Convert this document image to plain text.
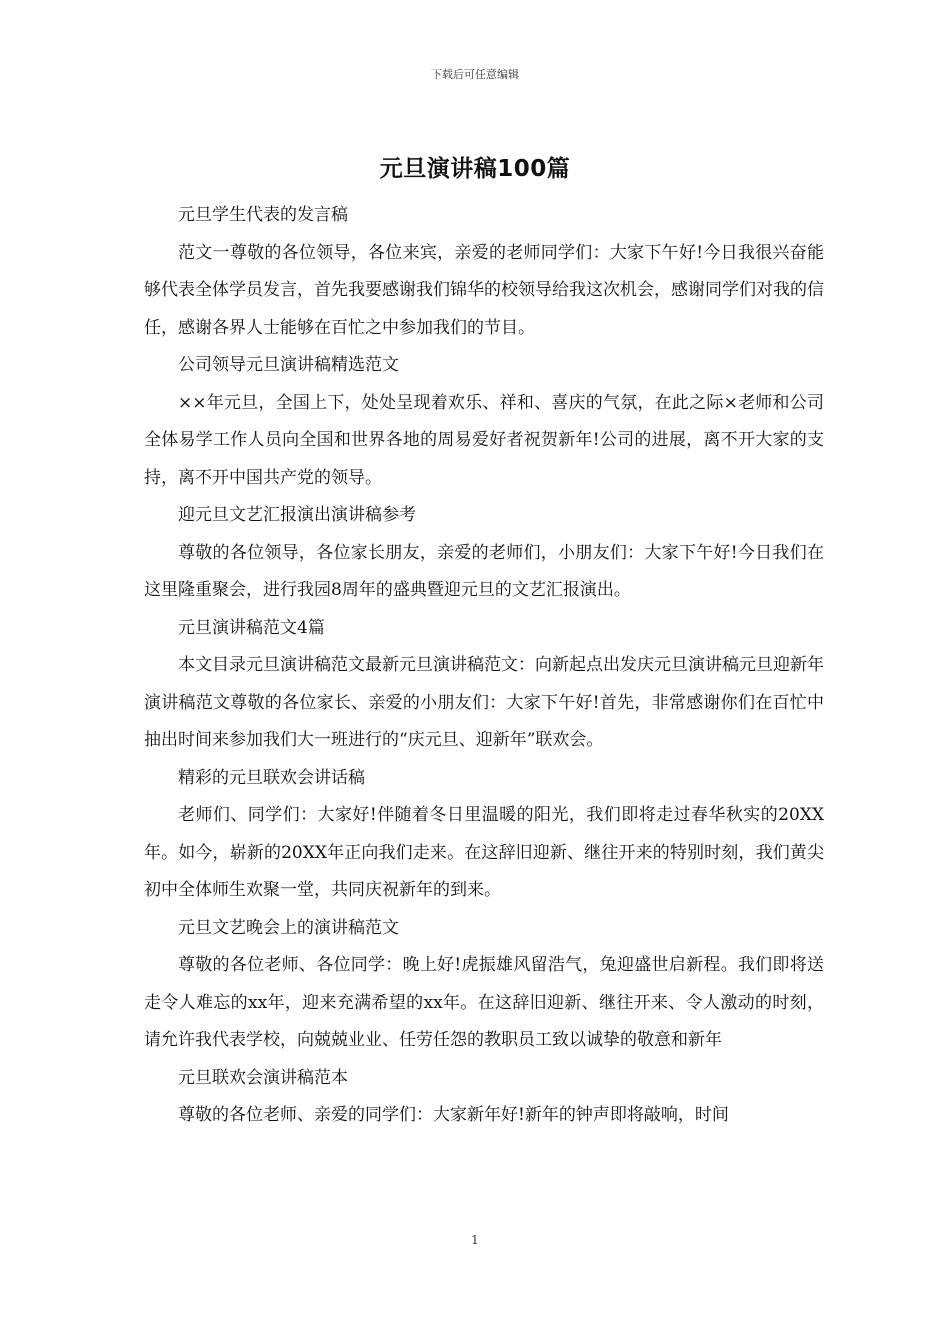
下载后可任意编辑
元旦演讲稿100篇

元旦学生代表的发言稿

范文一尊敬的各位领导，各位来宾，亲爱的老师同学们：大家下午好!今日我很兴奋能够代表全体学员发言，首先我要感谢我们锦华的校领导给我这次机会，感谢同学们对我的信任，感谢各界人士能够在百忙之中参加我们的节目。

公司领导元旦演讲稿精选范文

××年元旦，全国上下，处处呈现着欢乐、祥和、喜庆的气氛，在此之际×老师和公司全体易学工作人员向全国和世界各地的周易爱好者祝贺新年!公司的进展，离不开大家的支持，离不开中国共产党的领导。

迎元旦文艺汇报演出演讲稿参考

尊敬的各位领导，各位家长朋友，亲爱的老师们，小朋友们：大家下午好!今日我们在这里隆重聚会，进行我园8周年的盛典暨迎元旦的文艺汇报演出。

元旦演讲稿范文4篇

本文目录元旦演讲稿范文最新元旦演讲稿范文：向新起点出发庆元旦演讲稿元旦迎新年演讲稿范文尊敬的各位家长、亲爱的小朋友们：大家下午好!首先，非常感谢你们在百忙中抽出时间来参加我们大一班进行的“庆元旦、迎新年”联欢会。

精彩的元旦联欢会讲话稿

老师们、同学们：大家好!伴随着冬日里温暖的阳光，我们即将走过春华秋实的20XX年。如今，崭新的20XX年正向我们走来。在这辞旧迎新、继往开来的特别时刻，我们黄尖初中全体师生欢聚一堂，共同庆祝新年的到来。

元旦文艺晚会上的演讲稿范文

尊敬的各位老师、各位同学：晚上好!虎振雄风留浩气，兔迎盛世启新程。我们即将送走令人难忘的xx年，迎来充满希望的xx年。在这辞旧迎新、继往开来、令人激动的时刻，请允许我代表学校，向兢兢业业、任劳任怨的教职员工致以诚挚的敬意和新年

元旦联欢会演讲稿范本

尊敬的各位老师、亲爱的同学们：大家新年好!新年的钟声即将敲响，时间

1
